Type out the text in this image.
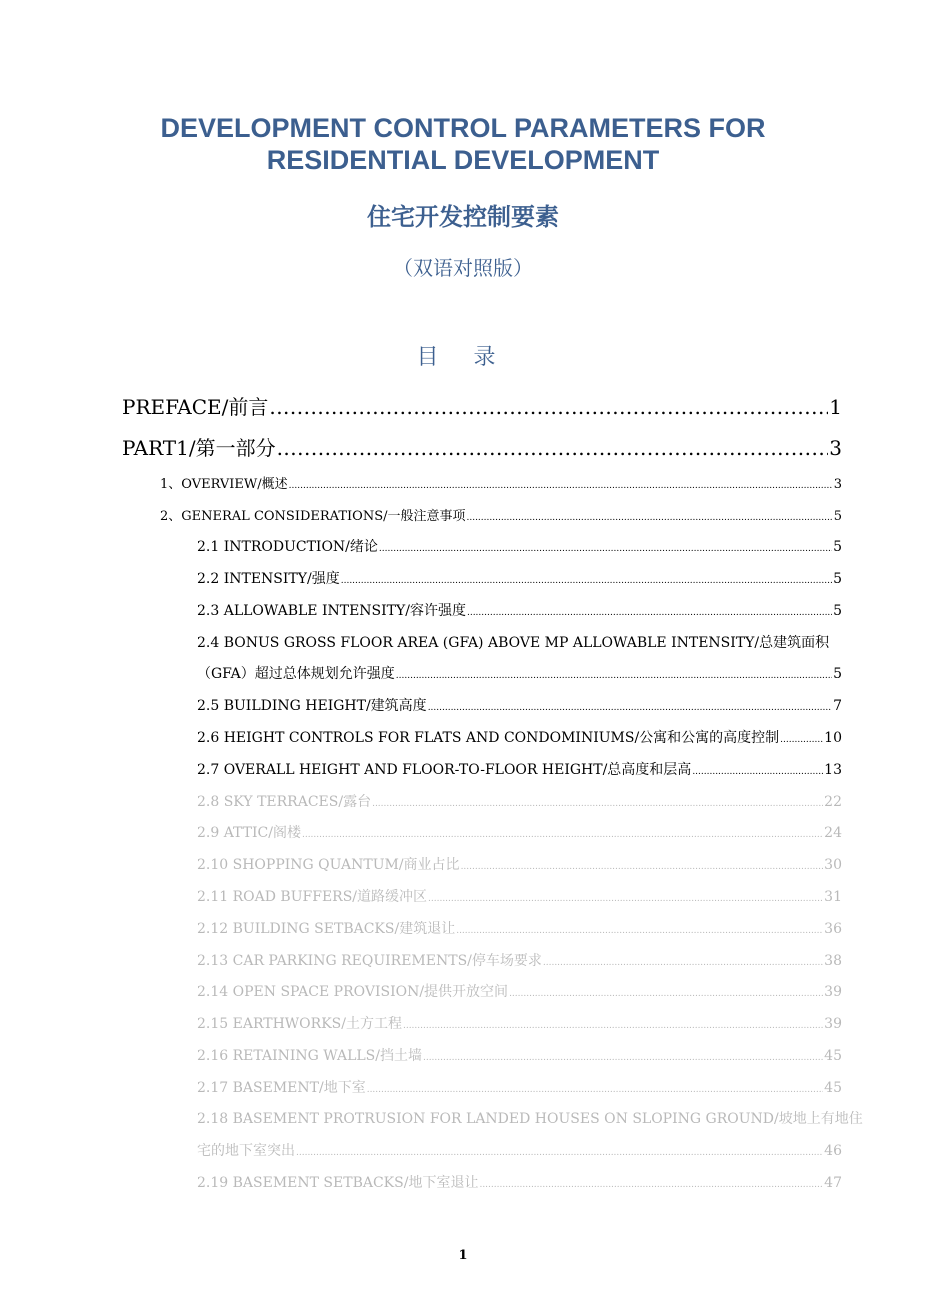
DEVELOPMENT CONTROL PARAMETERS FOR
RESIDENTIAL DEVELOPMENT
住宅开发控制要素
（双语对照版）
目 录
PREFACE/前言 .....	1
PART1/第一部分 .....	3
1、OVERVIEW/概述 .....	3
2、GENERAL CONSIDERATIONS/一般注意事项 .....	5
2.1 INTRODUCTION/绪论 .....	5
2.2 INTENSITY/强度 .....	5
2.3 ALLOWABLE INTENSITY/容许强度 .....	5
2.4 BONUS GROSS FLOOR AREA (GFA) ABOVE MP ALLOWABLE INTENSITY/总建筑面积
（GFA）超过总体规划允许强度 .....	5
2.5 BUILDING HEIGHT/建筑高度 .....	7
2.6 HEIGHT CONTROLS FOR FLATS AND CONDOMINIUMS/公寓和公寓的高度控制 .....	10
2.7 OVERALL HEIGHT AND FLOOR-TO-FLOOR HEIGHT/总高度和层高 .....	13
2.8 SKY TERRACES/露台 .....	22
2.9 ATTIC/阁楼 .....	24
2.10 SHOPPING QUANTUM/商业占比 .....	30
2.11 ROAD BUFFERS/道路缓冲区 .....	31
2.12 BUILDING SETBACKS/建筑退让 .....	36
2.13 CAR PARKING REQUIREMENTS/停车场要求 .....	38
2.14 OPEN SPACE PROVISION/提供开放空间 .....	39
2.15 EARTHWORKS/土方工程 .....	39
2.16 RETAINING WALLS/挡土墙 .....	45
2.17 BASEMENT/地下室 .....	45
2.18 BASEMENT PROTRUSION FOR LANDED HOUSES ON SLOPING GROUND/坡地上有地住
宅的地下室突出 .....	46
2.19 BASEMENT SETBACKS/地下室退让 .....	47
1
